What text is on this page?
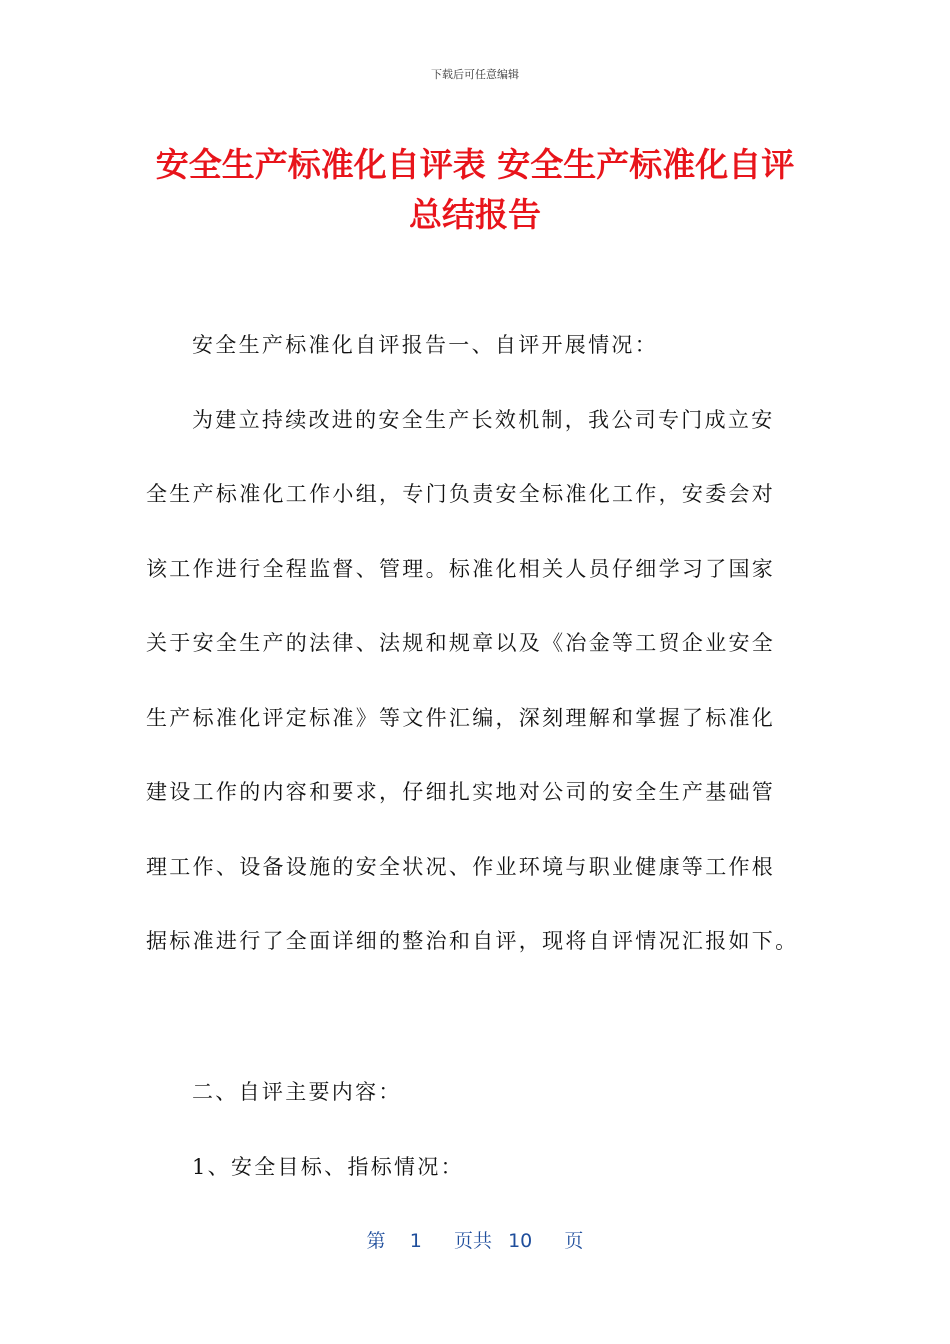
下载后可任意编辑
安全生产标准化自评表 安全生产标准化自评
总结报告

安全生产标准化自评报告一、自评开展情况：

为建立持续改进的安全生产长效机制，我公司专门成立安

全生产标准化工作小组，专门负责安全标准化工作，安委会对

该工作进行全程监督、管理。标准化相关人员仔细学习了国家

关于安全生产的法律、法规和规章以及《冶金等工贸企业安全

生产标准化评定标准》等文件汇编，深刻理解和掌握了标准化

建设工作的内容和要求，仔细扎实地对公司的安全生产基础管

理工作、设备设施的安全状况、作业环境与职业健康等工作根

据标准进行了全面详细的整治和自评，现将自评情况汇报如下。

二、自评主要内容：

1、安全目标、指标情况：

第 1 页共 10 页
